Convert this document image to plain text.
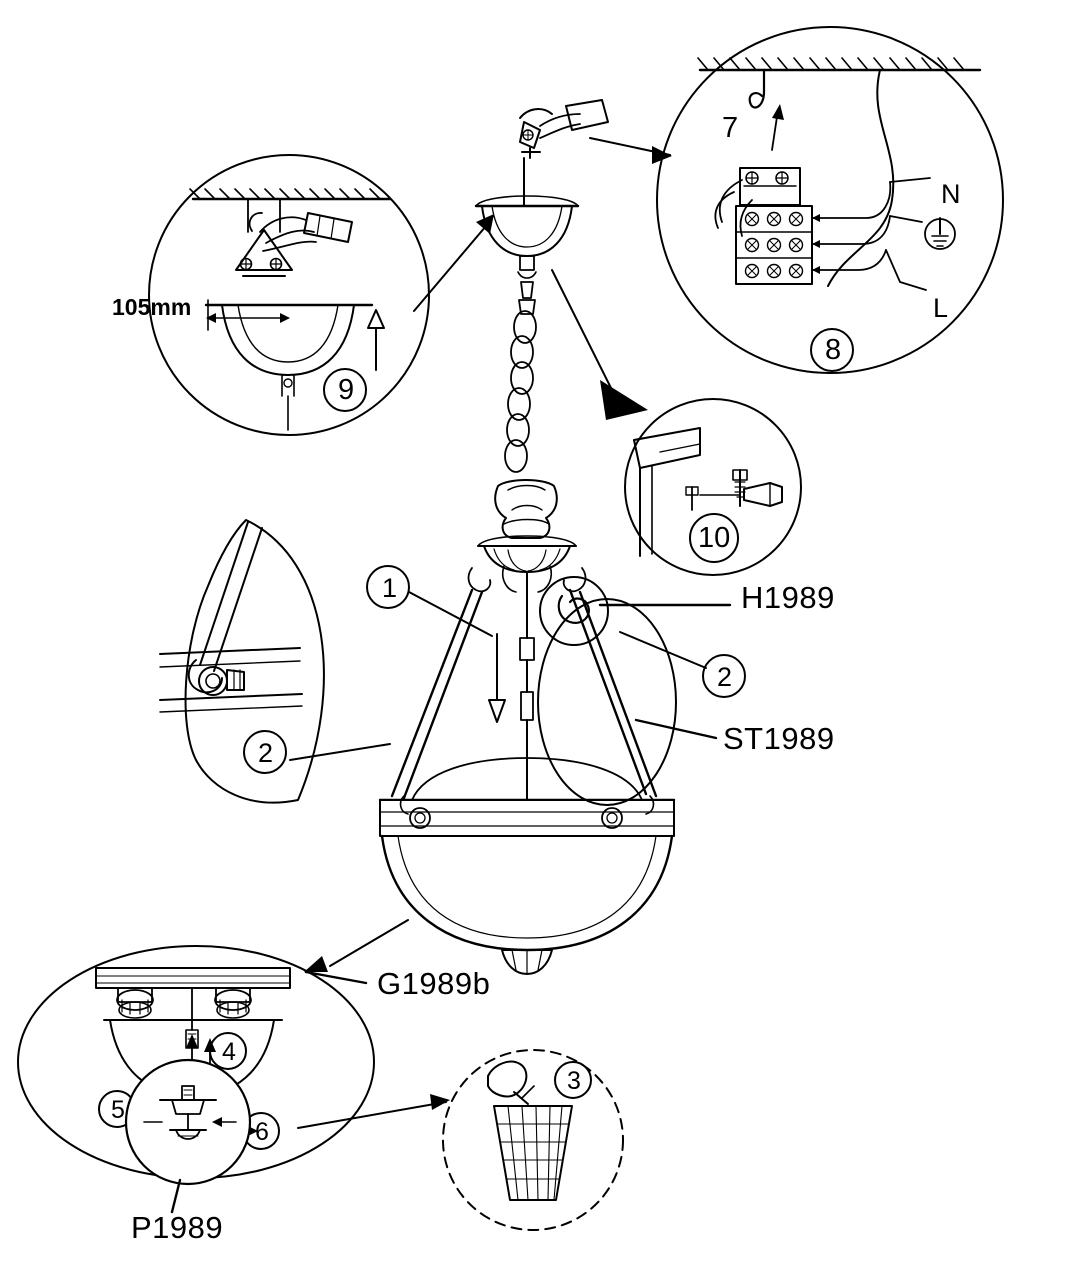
H1989
ST1989
G1989b
P1989
105mm
N
L
1
2
2
3
4
5
6
7
8
9
10
